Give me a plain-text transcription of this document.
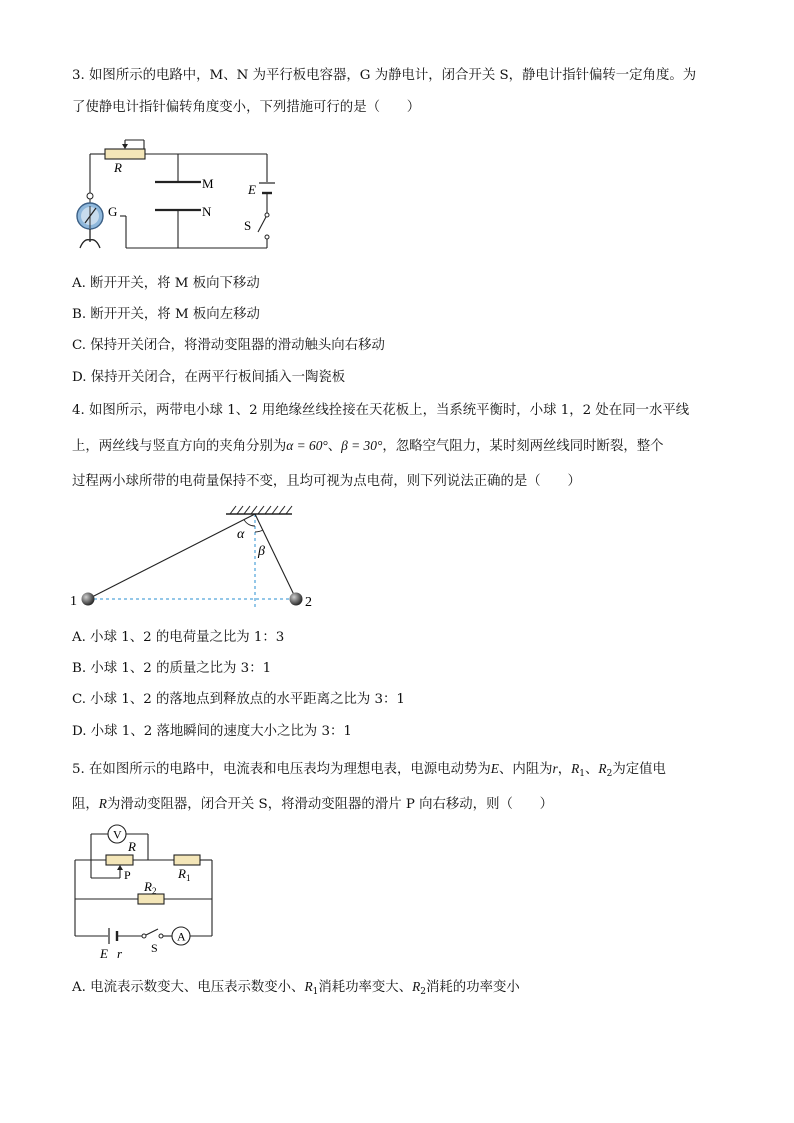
3. 如图所示的电路中，M、N 为平行板电容器，G 为静电计，闭合开关 S，静电计指针偏转一定角度。为
了使静电计指针偏转角度变小，下列措施可行的是（　　）
R
M
N
E
G
S
A. 断开开关，将 M 板向下移动
B. 断开开关，将 M 板向左移动
C. 保持开关闭合，将滑动变阻器的滑动触头向右移动
D. 保持开关闭合，在两平行板间插入一陶瓷板
4. 如图所示，两带电小球 1、2 用绝缘丝线拴接在天花板上，当系统平衡时，小球 1，2 处在同一水平线
上，两丝线与竖直方向的夹角分别为α = 60°、β = 30°，忽略空气阻力，某时刻两丝线同时断裂，整个
过程两小球所带的电荷量保持不变，且均可视为点电荷，则下列说法正确的是（　　）
α
β
1	2
A. 小球 1、2 的电荷量之比为 1：3
B. 小球 1、2 的质量之比为 3：1
C. 小球 1、2 的落地点到释放点的水平距离之比为 3：1
D. 小球 1、2 落地瞬间的速度大小之比为 3：1
5. 在如图所示的电路中，电流表和电压表均为理想电表，电源电动势为E、内阻为r，$R_1$、$R_2$为定值电
阻，R为滑动变阻器，闭合开关 S，将滑动变阻器的滑片 P 向右移动，则（　　）
V
A
R
P	$R_1$
$R_2$
E r S
A. 电流表示数变大、电压表示数变小、$R_1$消耗功率变大、$R_2$消耗的功率变小
